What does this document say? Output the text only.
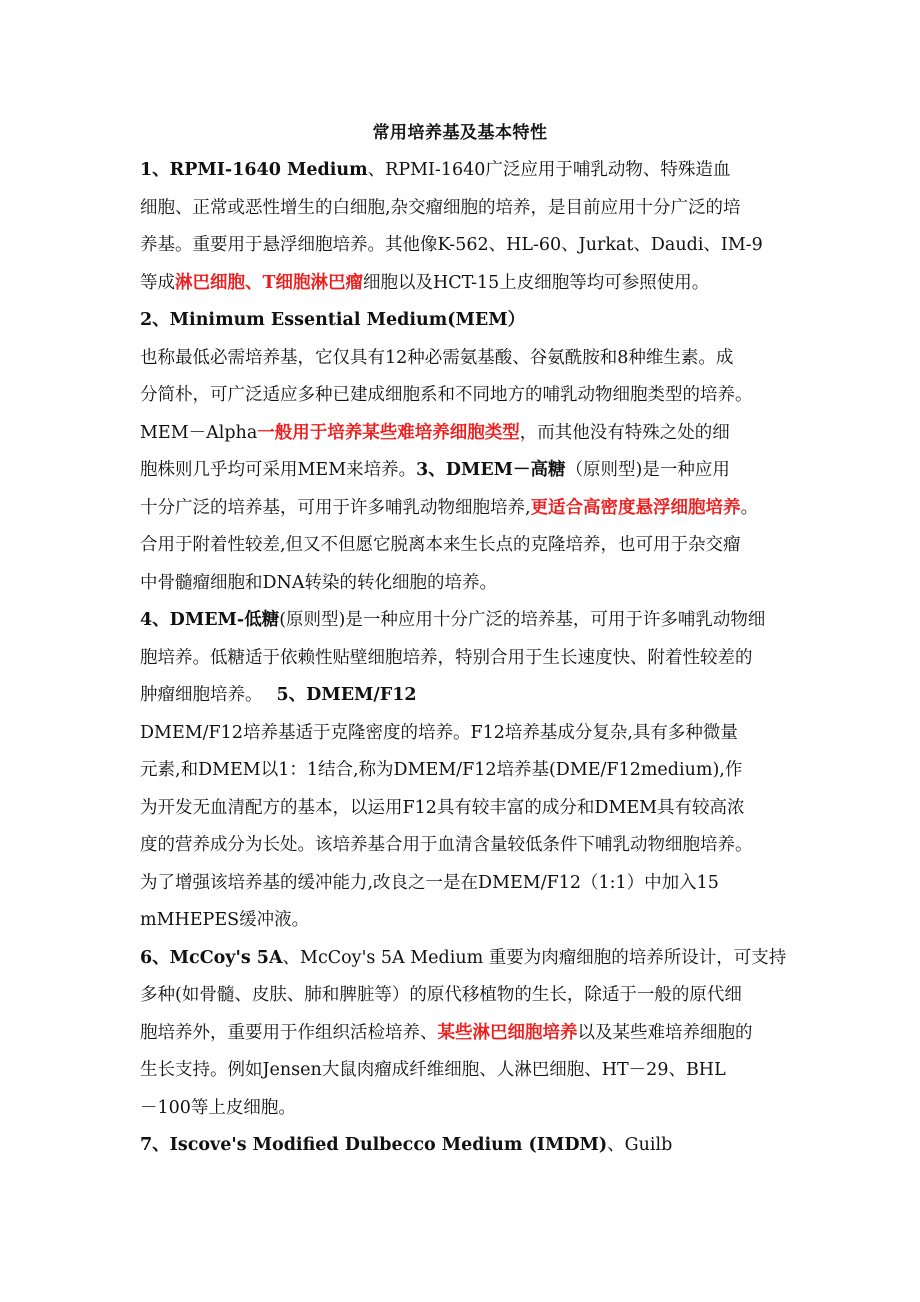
常用培养基及基本特性
1、RPMI-1640 Medium、RPMI-1640广泛应用于哺乳动物、特殊造血
细胞、正常或恶性增生的白细胞,杂交瘤细胞的培养，是目前应用十分广泛的培
养基。重要用于悬浮细胞培养。其他像K-562、HL-60、Jurkat、Daudi、IM-9
等成淋巴细胞、T细胞淋巴瘤细胞以及HCT-15上皮细胞等均可参照使用。
2、Minimum Essential Medium(MEM）
也称最低必需培养基，它仅具有12种必需氨基酸、谷氨酰胺和8种维生素。成
分简朴，可广泛适应多种已建成细胞系和不同地方的哺乳动物细胞类型的培养。
MEM－Alpha一般用于培养某些难培养细胞类型，而其他没有特殊之处的细
胞株则几乎均可采用MEM来培养。3、DMEM－高糖（原则型)是一种应用
十分广泛的培养基，可用于许多哺乳动物细胞培养,更适合高密度悬浮细胞培养。
合用于附着性较差,但又不但愿它脱离本来生长点的克隆培养，也可用于杂交瘤
中骨髓瘤细胞和DNA转染的转化细胞的培养。
4、DMEM-低糖(原则型)是一种应用十分广泛的培养基，可用于许多哺乳动物细
胞培养。低糖适于依赖性贴壁细胞培养，特别合用于生长速度快、附着性较差的
肿瘤细胞培养。 5、DMEM/F12
DMEM/F12培养基适于克隆密度的培养。F12培养基成分复杂,具有多种微量
元素,和DMEM以1：1结合,称为DMEM/F12培养基(DME/F12medium),作
为开发无血清配方的基本，以运用F12具有较丰富的成分和DMEM具有较高浓
度的营养成分为长处。该培养基合用于血清含量较低条件下哺乳动物细胞培养。
为了增强该培养基的缓冲能力,改良之一是在DMEM/F12（1:1）中加入15
mMHEPES缓冲液。
6、McCoy's 5A、McCoy's 5A Medium 重要为肉瘤细胞的培养所设计，可支持
多种(如骨髓、皮肤、肺和脾脏等）的原代移植物的生长，除适于一般的原代细
胞培养外，重要用于作组织活检培养、某些淋巴细胞培养以及某些难培养细胞的
生长支持。例如Jensen大鼠肉瘤成纤维细胞、人淋巴细胞、HT－29、BHL
－100等上皮细胞。
7、Iscove's Modified Dulbecco Medium (IMDM)、Guilb
